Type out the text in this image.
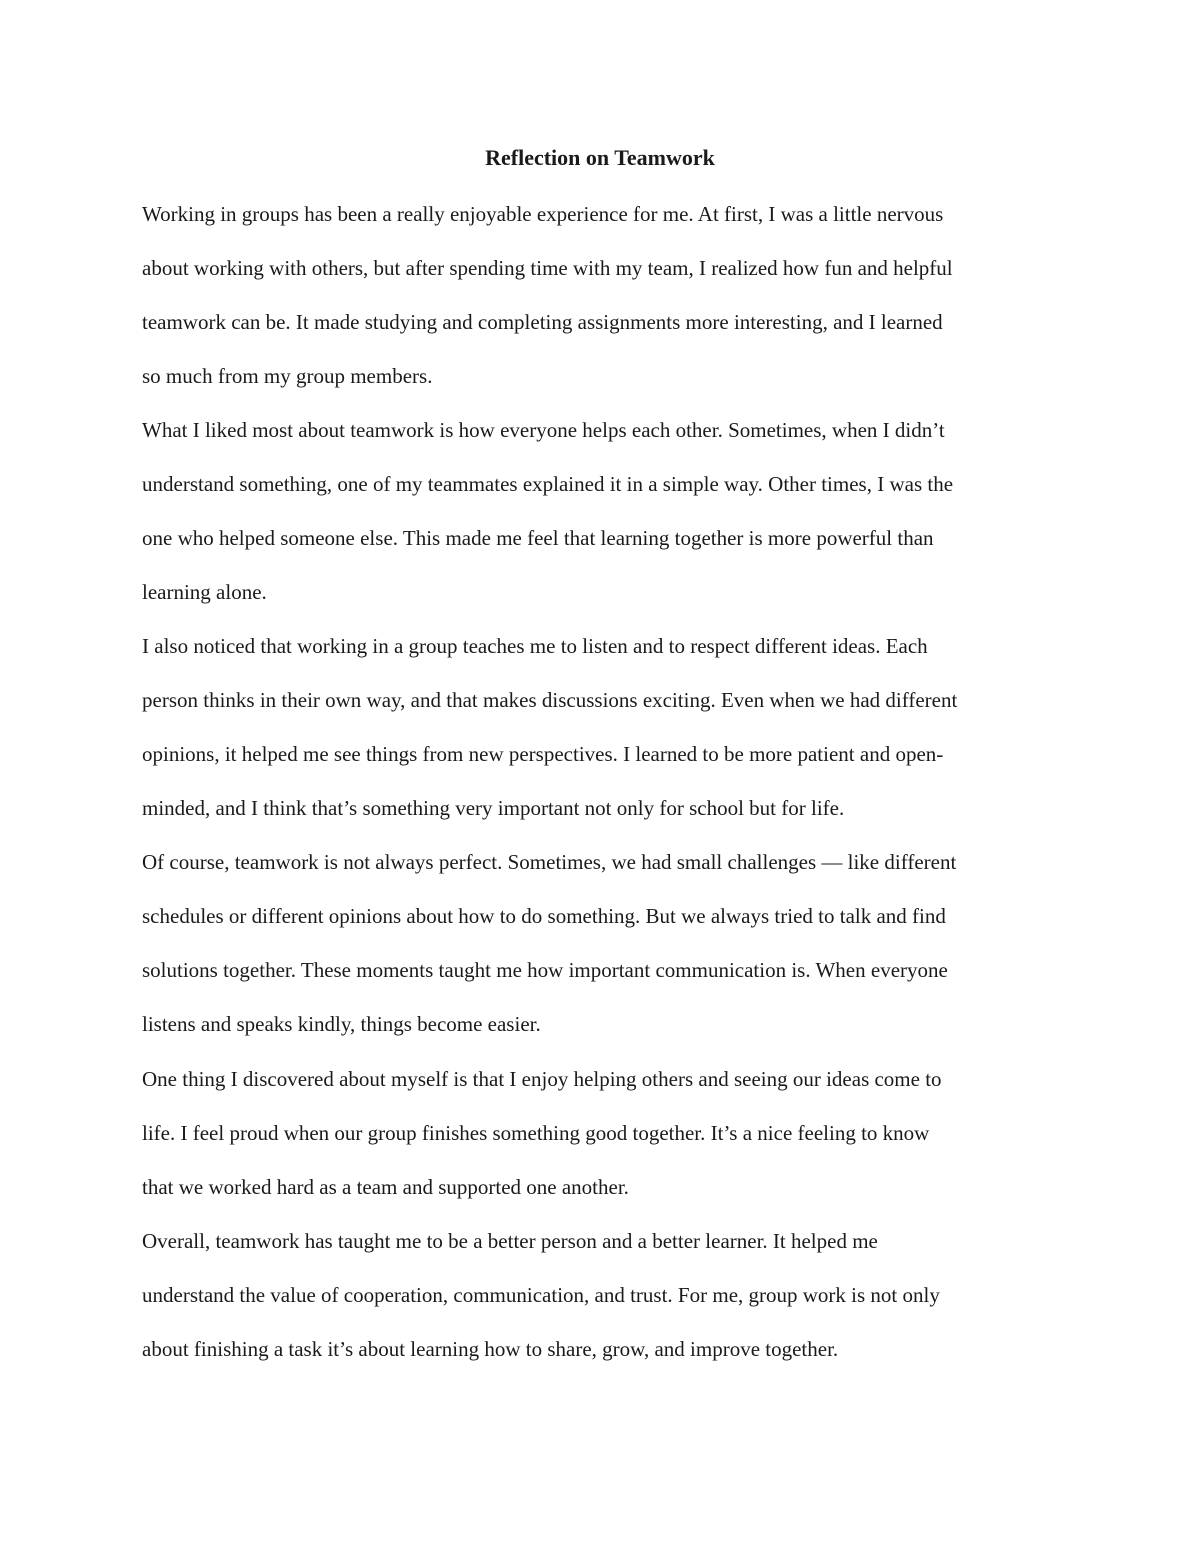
Reflection on Teamwork

Working in groups has been a really enjoyable experience for me. At first, I was a little nervous

about working with others, but after spending time with my team, I realized how fun and helpful

teamwork can be. It made studying and completing assignments more interesting, and I learned

so much from my group members.

What I liked most about teamwork is how everyone helps each other. Sometimes, when I didn’t

understand something, one of my teammates explained it in a simple way. Other times, I was the

one who helped someone else. This made me feel that learning together is more powerful than

learning alone.

I also noticed that working in a group teaches me to listen and to respect different ideas. Each

person thinks in their own way, and that makes discussions exciting. Even when we had different

opinions, it helped me see things from new perspectives. I learned to be more patient and open-

minded, and I think that’s something very important not only for school but for life.

Of course, teamwork is not always perfect. Sometimes, we had small challenges — like different

schedules or different opinions about how to do something. But we always tried to talk and find

solutions together. These moments taught me how important communication is. When everyone

listens and speaks kindly, things become easier.

One thing I discovered about myself is that I enjoy helping others and seeing our ideas come to

life. I feel proud when our group finishes something good together. It’s a nice feeling to know

that we worked hard as a team and supported one another.

Overall, teamwork has taught me to be a better person and a better learner. It helped me

understand the value of cooperation, communication, and trust. For me, group work is not only

about finishing a task it’s about learning how to share, grow, and improve together.
